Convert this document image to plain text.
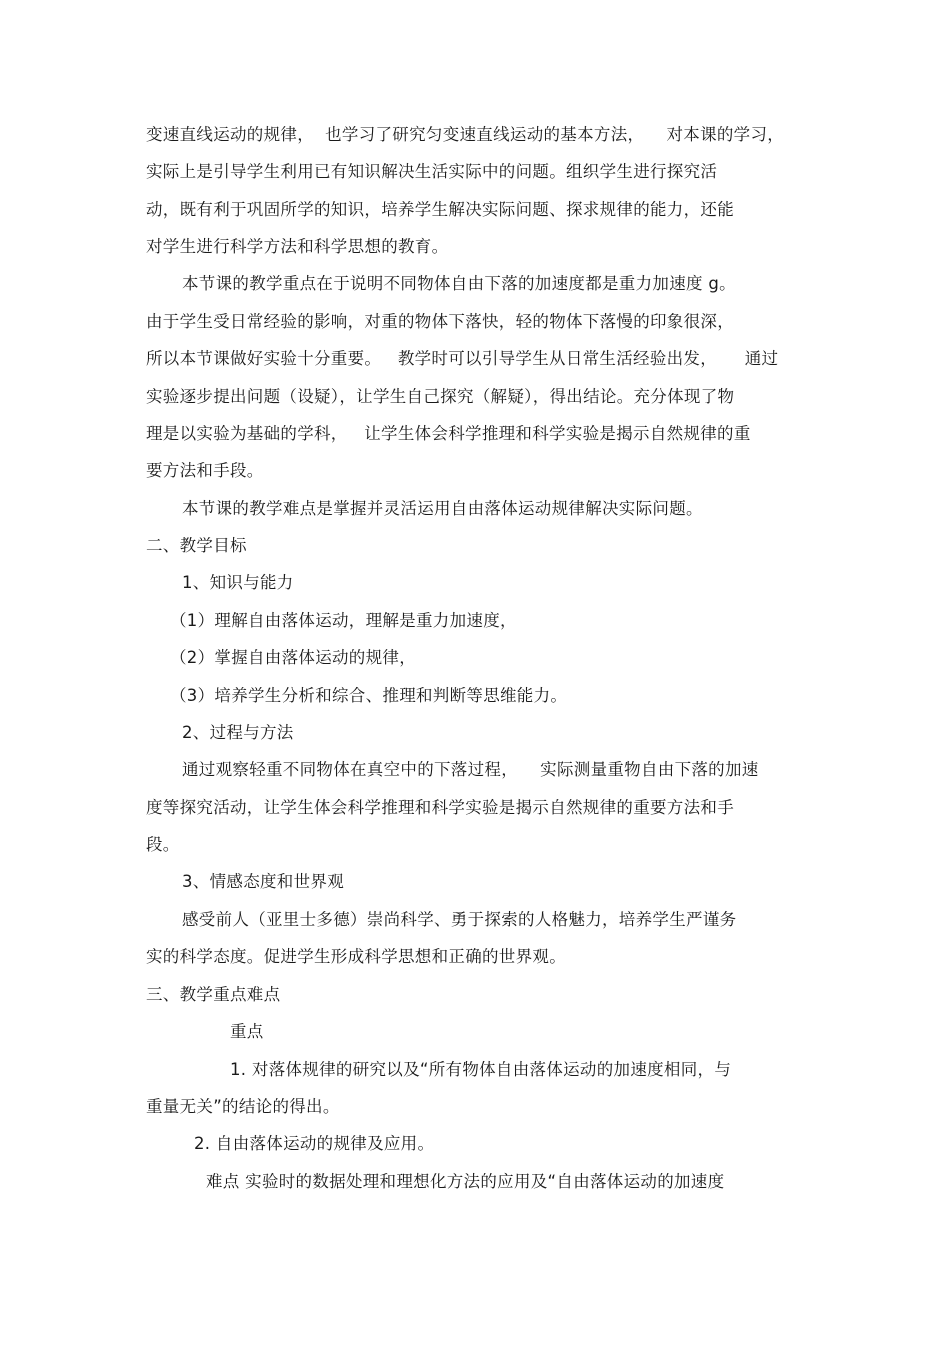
变速直线运动的规律，  也学习了研究匀变速直线运动的基本方法，    对本课的学习，
实际上是引导学生利用已有知识解决生活实际中的问题。组织学生进行探究活
动，既有利于巩固所学的知识，培养学生解决实际问题、探求规律的能力，还能
对学生进行科学方法和科学思想的教育。
本节课的教学重点在于说明不同物体自由下落的加速度都是重力加速度 g。
由于学生受日常经验的影响，对重的物体下落快，轻的物体下落慢的印象很深，
所以本节课做好实验十分重要。   教学时可以引导学生从日常生活经验出发，     通过
实验逐步提出问题（设疑），让学生自己探究（解疑），得出结论。充分体现了物
理是以实验为基础的学科，   让学生体会科学推理和科学实验是揭示自然规律的重
要方法和手段。
本节课的教学难点是掌握并灵活运用自由落体运动规律解决实际问题。
二、教学目标
1、知识与能力
（1）理解自由落体运动，理解是重力加速度，
（2）掌握自由落体运动的规律，
（3）培养学生分析和综合、推理和判断等思维能力。
2、过程与方法
通过观察轻重不同物体在真空中的下落过程，    实际测量重物自由下落的加速
度等探究活动，让学生体会科学推理和科学实验是揭示自然规律的重要方法和手
段。
3、情感态度和世界观
感受前人（亚里士多德）崇尚科学、勇于探索的人格魅力，培养学生严谨务
实的科学态度。促进学生形成科学思想和正确的世界观。
三、教学重点难点
重点
1. 对落体规律的研究以及“所有物体自由落体运动的加速度相同，与
重量无关”的结论的得出。
2. 自由落体运动的规律及应用。
难点 实验时的数据处理和理想化方法的应用及“自由落体运动的加速度
